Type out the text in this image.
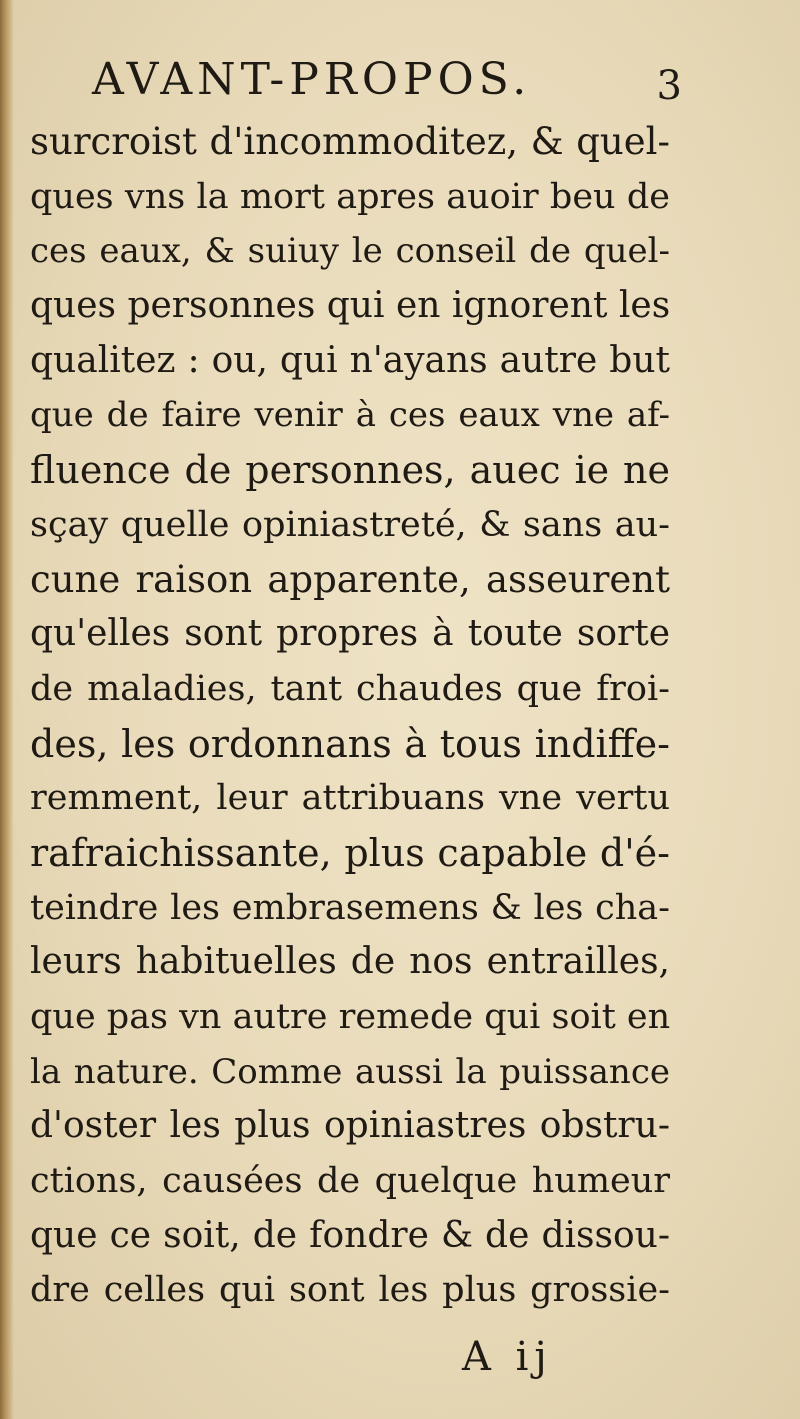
AVANT-PROPOS.	3
surcroist d'incommoditez, & quel-
ques vns la mort apres auoir beu de
ces eaux, & suiuy le conseil de quel-
ques personnes qui en ignorent les
qualitez : ou, qui n'ayans autre but
que de faire venir à ces eaux vne af-
fluence de personnes, auec ie ne
sçay quelle opiniastreté, & sans au-
cune raison apparente, asseurent
qu'elles sont propres à toute sorte
de maladies, tant chaudes que froi-
des, les ordonnans à tous indiffe-
remment, leur attribuans vne vertu
rafraichissante, plus capable d'é-
teindre les embrasemens & les cha-
leurs habituelles de nos entrailles,
que pas vn autre remede qui soit en
la nature. Comme aussi la puissance
d'oster les plus opiniastres obstru-
ctions, causées de quelque humeur
que ce soit, de fondre & de dissou-
dre celles qui sont les plus grossie-
A ij
